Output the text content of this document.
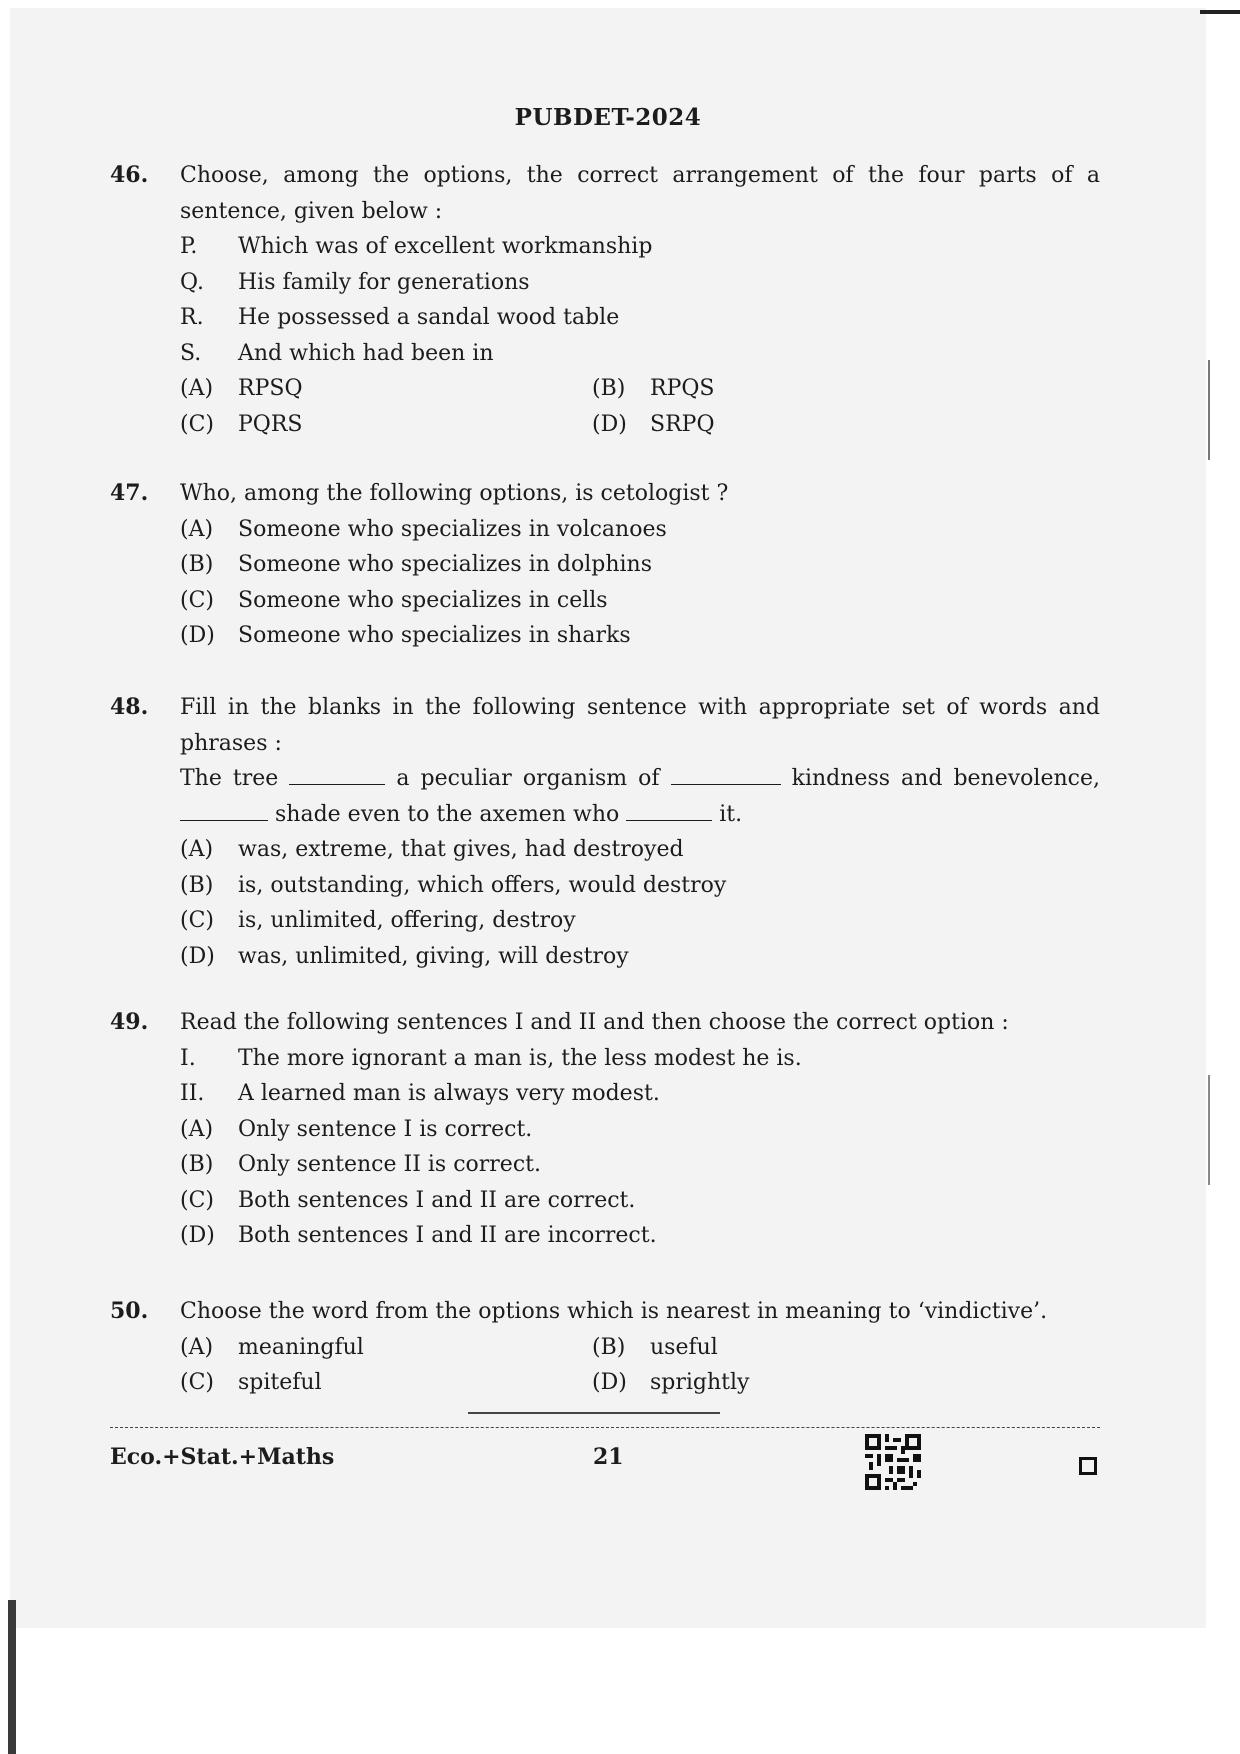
PUBDET-2024
46.	Choose, among the options, the correct arrangement of the four parts of a
sentence, given below :
P. Which was of excellent workmanship
Q. His family for generations
R. He possessed a sandal wood table
S. And which had been in
(A) RPSQ	(B) RPQS
(C) PQRS	(D) SRPQ
47.	Who, among the following options, is cetologist ?
(A) Someone who specializes in volcanoes
(B) Someone who specializes in dolphins
(C) Someone who specializes in cells
(D) Someone who specializes in sharks
48.	Fill in the blanks in the following sentence with appropriate set of words and
phrases :
The tree	a peculiar organism of	kindness and benevolence,
shade even to the axemen who	it.
(A) was, extreme, that gives, had destroyed
(B) is, outstanding, which offers, would destroy
(C) is, unlimited, offering, destroy
(D) was, unlimited, giving, will destroy
49.	Read the following sentences I and II and then choose the correct option :
I. The more ignorant a man is, the less modest he is.
II. A learned man is always very modest.
(A) Only sentence I is correct.
(B) Only sentence II is correct.
(C) Both sentences I and II are correct.
(D) Both sentences I and II are incorrect.
50.	Choose the word from the options which is nearest in meaning to ‘vindictive’.
(A) meaningful	(B) useful
(C) spiteful	(D) sprightly
Eco.+Stat.+Maths	21
